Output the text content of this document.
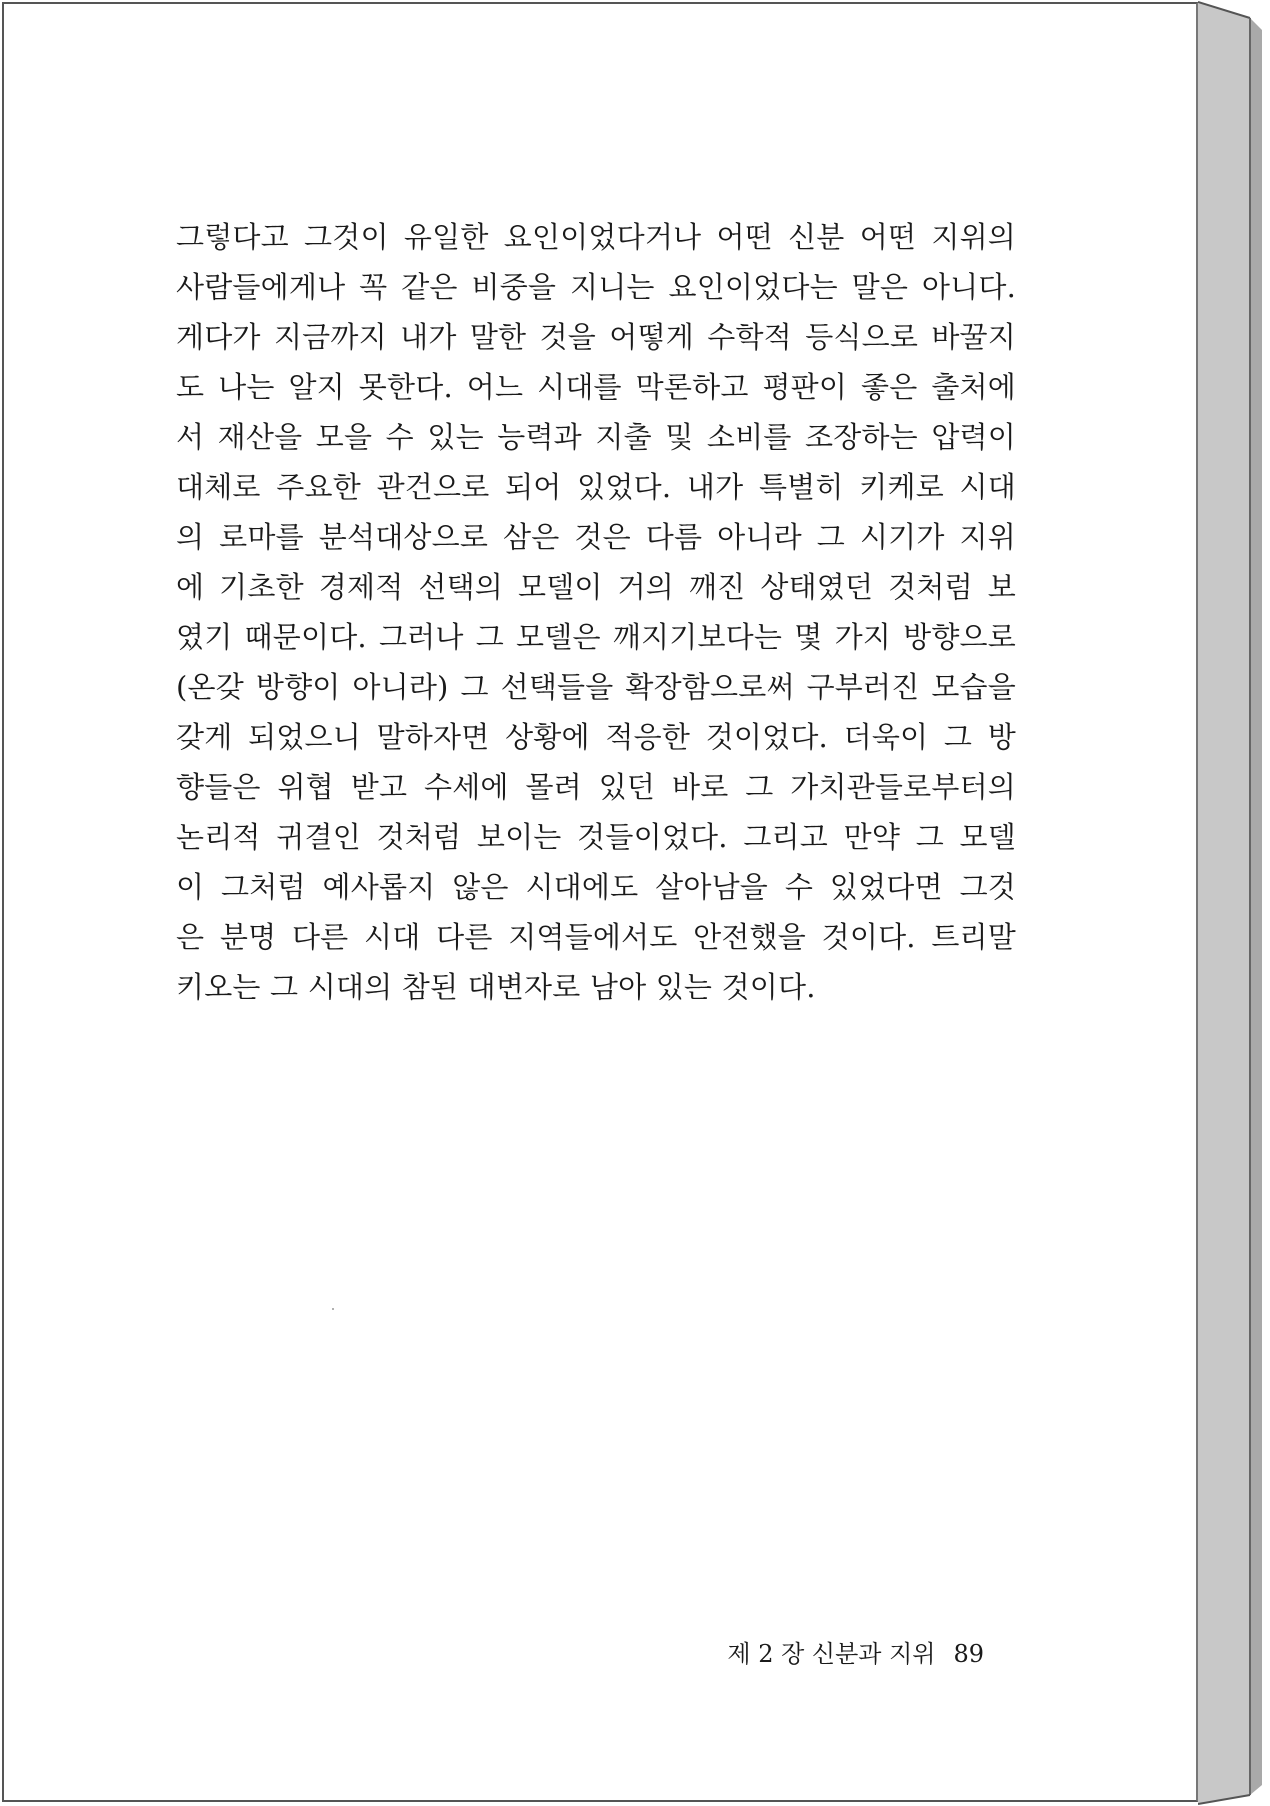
그렇다고 그것이 유일한 요인이었다거나 어떤 신분 어떤 지위의
사람들에게나 꼭 같은 비중을 지니는 요인이었다는 말은 아니다.
게다가 지금까지 내가 말한 것을 어떻게 수학적 등식으로 바꿀지
도 나는 알지 못한다. 어느 시대를 막론하고 평판이 좋은 출처에
서 재산을 모을 수 있는 능력과 지출 및 소비를 조장하는 압력이
대체로 주요한 관건으로 되어 있었다. 내가 특별히 키케로 시대
의 로마를 분석대상으로 삼은 것은 다름 아니라 그 시기가 지위
에 기초한 경제적 선택의 모델이 거의 깨진 상태였던 것처럼 보
였기 때문이다. 그러나 그 모델은 깨지기보다는 몇 가지 방향으로
(온갖 방향이 아니라) 그 선택들을 확장함으로써 구부러진 모습을
갖게 되었으니 말하자면 상황에 적응한 것이었다. 더욱이 그 방
향들은 위협 받고 수세에 몰려 있던 바로 그 가치관들로부터의
논리적 귀결인 것처럼 보이는 것들이었다. 그리고 만약 그 모델
이 그처럼 예사롭지 않은 시대에도 살아남을 수 있었다면 그것
은 분명 다른 시대 다른 지역들에서도 안전했을 것이다. 트리말
키오는 그 시대의 참된 대변자로 남아 있는 것이다.
제 2 장 신분과 지위 89
